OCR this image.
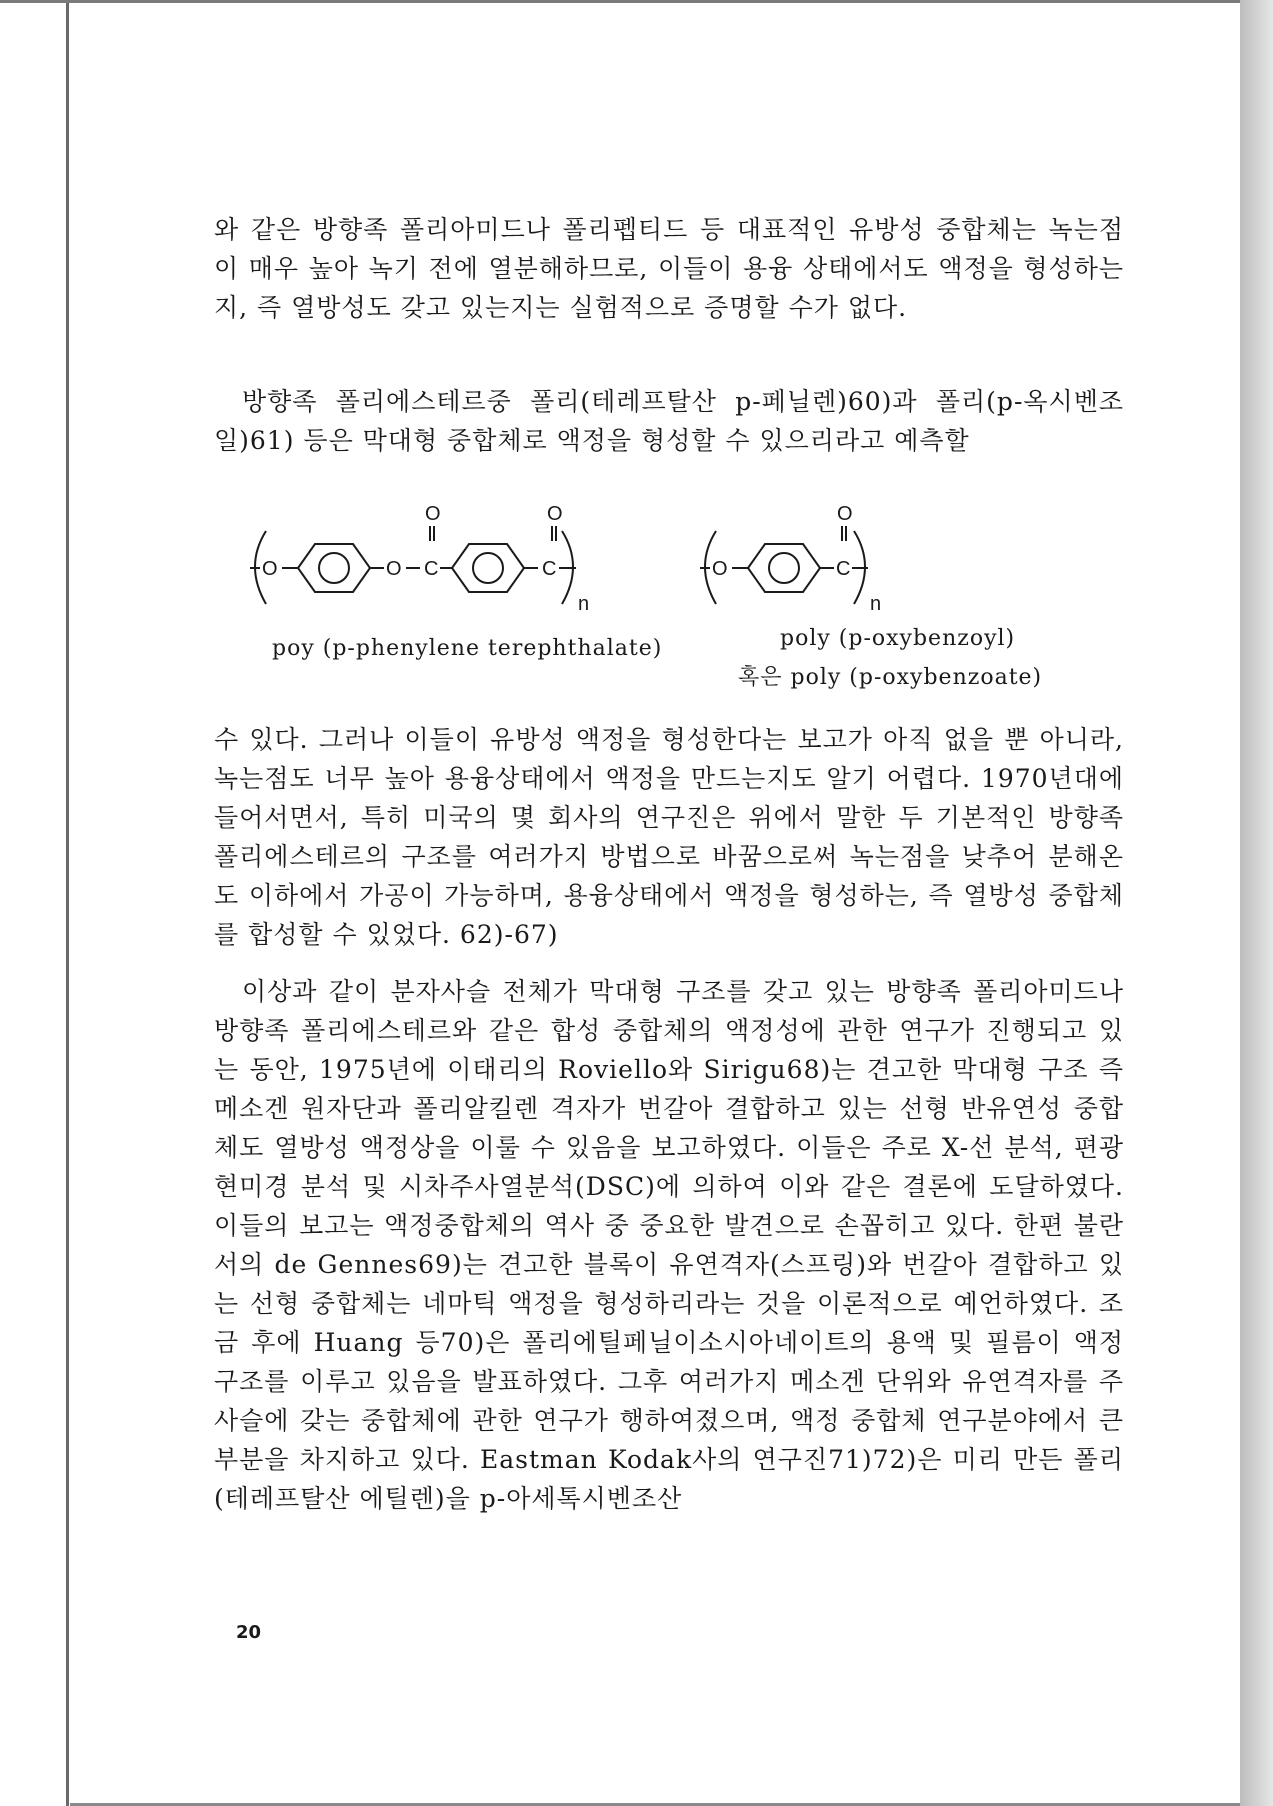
와 같은 방향족 폴리아미드나 폴리펩티드 등 대표적인 유방성 중합체는 녹는점이 매우 높아 녹기 전에 열분해하므로, 이들이 용융 상태에서도 액정을 형성하는지, 즉 열방성도 갖고 있는지는 실험적으로 증명할 수가 없다.

방향족 폴리에스테르중 폴리(테레프탈산 p-페닐렌)60)과 폴리(p-옥시벤조일)61) 등은 막대형 중합체로 액정을 형성할 수 있으리라고 예측할

O	O C
O
C
O
n
O	C
O
n
poy (p-phenylene terephthalate)	poly (p-oxybenzoyl)
혹은 poly (p-oxybenzoate)

수 있다. 그러나 이들이 유방성 액정을 형성한다는 보고가 아직 없을 뿐 아니라, 녹는점도 너무 높아 용융상태에서 액정을 만드는지도 알기 어렵다. 1970년대에 들어서면서, 특히 미국의 몇 회사의 연구진은 위에서 말한 두 기본적인 방향족 폴리에스테르의 구조를 여러가지 방법으로 바꿈으로써 녹는점을 낮추어 분해온도 이하에서 가공이 가능하며, 용융상태에서 액정을 형성하는, 즉 열방성 중합체를 합성할 수 있었다. 62)-67)

이상과 같이 분자사슬 전체가 막대형 구조를 갖고 있는 방향족 폴리아미드나 방향족 폴리에스테르와 같은 합성 중합체의 액정성에 관한 연구가 진행되고 있는 동안, 1975년에 이태리의 Roviello와 Sirigu68)는 견고한 막대형 구조 즉 메소겐 원자단과 폴리알킬렌 격자가 번갈아 결합하고 있는 선형 반유연성 중합체도 열방성 액정상을 이룰 수 있음을 보고하였다. 이들은 주로 X-선 분석, 편광현미경 분석 및 시차주사열분석(DSC)에 의하여 이와 같은 결론에 도달하였다. 이들의 보고는 액정중합체의 역사 중 중요한 발견으로 손꼽히고 있다. 한편 불란서의 de Gennes69)는 견고한 블록이 유연격자(스프링)와 번갈아 결합하고 있는 선형 중합체는 네마틱 액정을 형성하리라는 것을 이론적으로 예언하였다. 조금 후에 Huang 등70)은 폴리에틸페닐이소시아네이트의 용액 및 필름이 액정 구조를 이루고 있음을 발표하였다. 그후 여러가지 메소겐 단위와 유연격자를 주사슬에 갖는 중합체에 관한 연구가 행하여졌으며, 액정 중합체 연구분야에서 큰 부분을 차지하고 있다. Eastman Kodak사의 연구진71)72)은 미리 만든 폴리(테레프탈산 에틸렌)을 p-아세톡시벤조산

20
